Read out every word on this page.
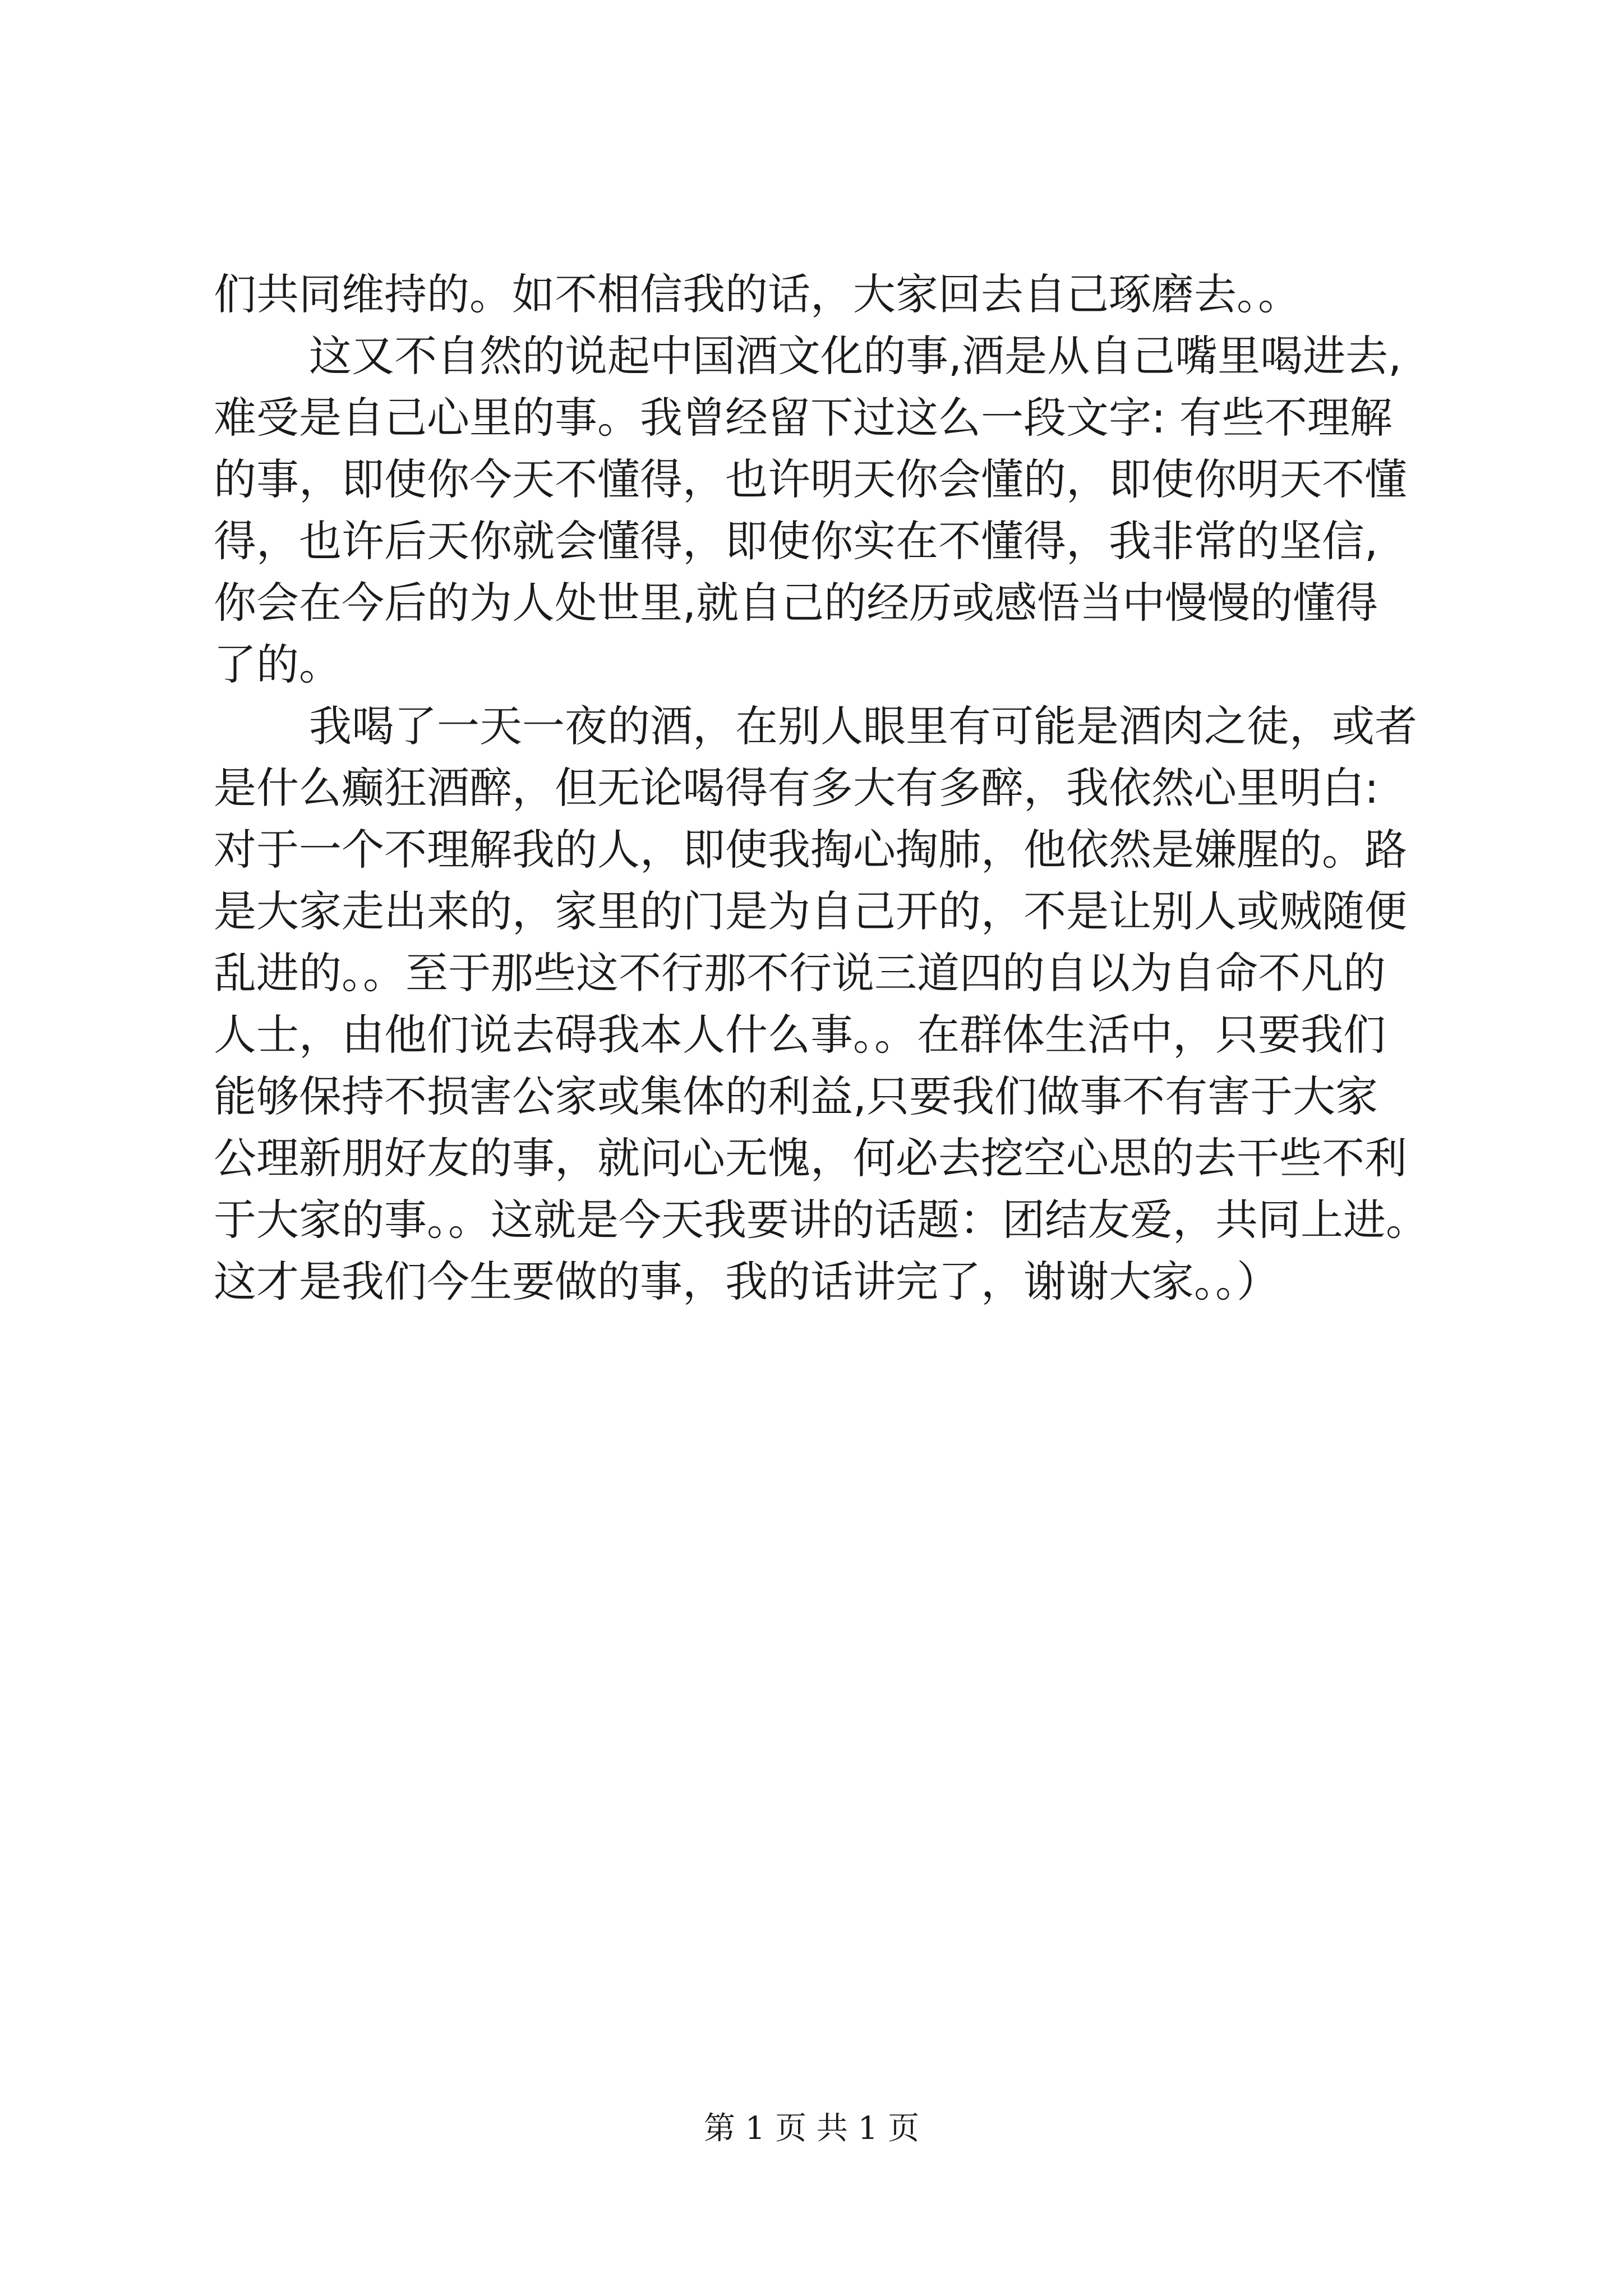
们共同维持的。如不相信我的话，大家回去自己琢磨去。。
这又不自然的说起中国酒文化的事,酒是从自己嘴里喝进去,
难受是自己心里的事。我曾经留下过这么一段文字: 有些不理解
的事，即使你今天不懂得，也许明天你会懂的，即使你明天不懂
得，也许后天你就会懂得，即使你实在不懂得，我非常的坚信,
你会在今后的为人处世里,就自己的经历或感悟当中慢慢的懂得
了的。
我喝了一天一夜的酒，在别人眼里有可能是酒肉之徒，或者
是什么癫狂酒醉，但无论喝得有多大有多醉，我依然心里明白:
对于一个不理解我的人，即使我掏心掏肺，他依然是嫌腥的。路
是大家走出来的，家里的门是为自己开的，不是让别人或贼随便
乱进的。。至于那些这不行那不行说三道四的自以为自命不凡的
人士，由他们说去碍我本人什么事。。在群体生活中，只要我们
能够保持不损害公家或集体的利益,只要我们做事不有害于大家
公理新朋好友的事，就问心无愧，何必去挖空心思的去干些不利
于大家的事。。这就是今天我要讲的话题：团结友爱，共同上进。
这才是我们今生要做的事，我的话讲完了，谢谢大家。。）
第 1 页 共 1 页
